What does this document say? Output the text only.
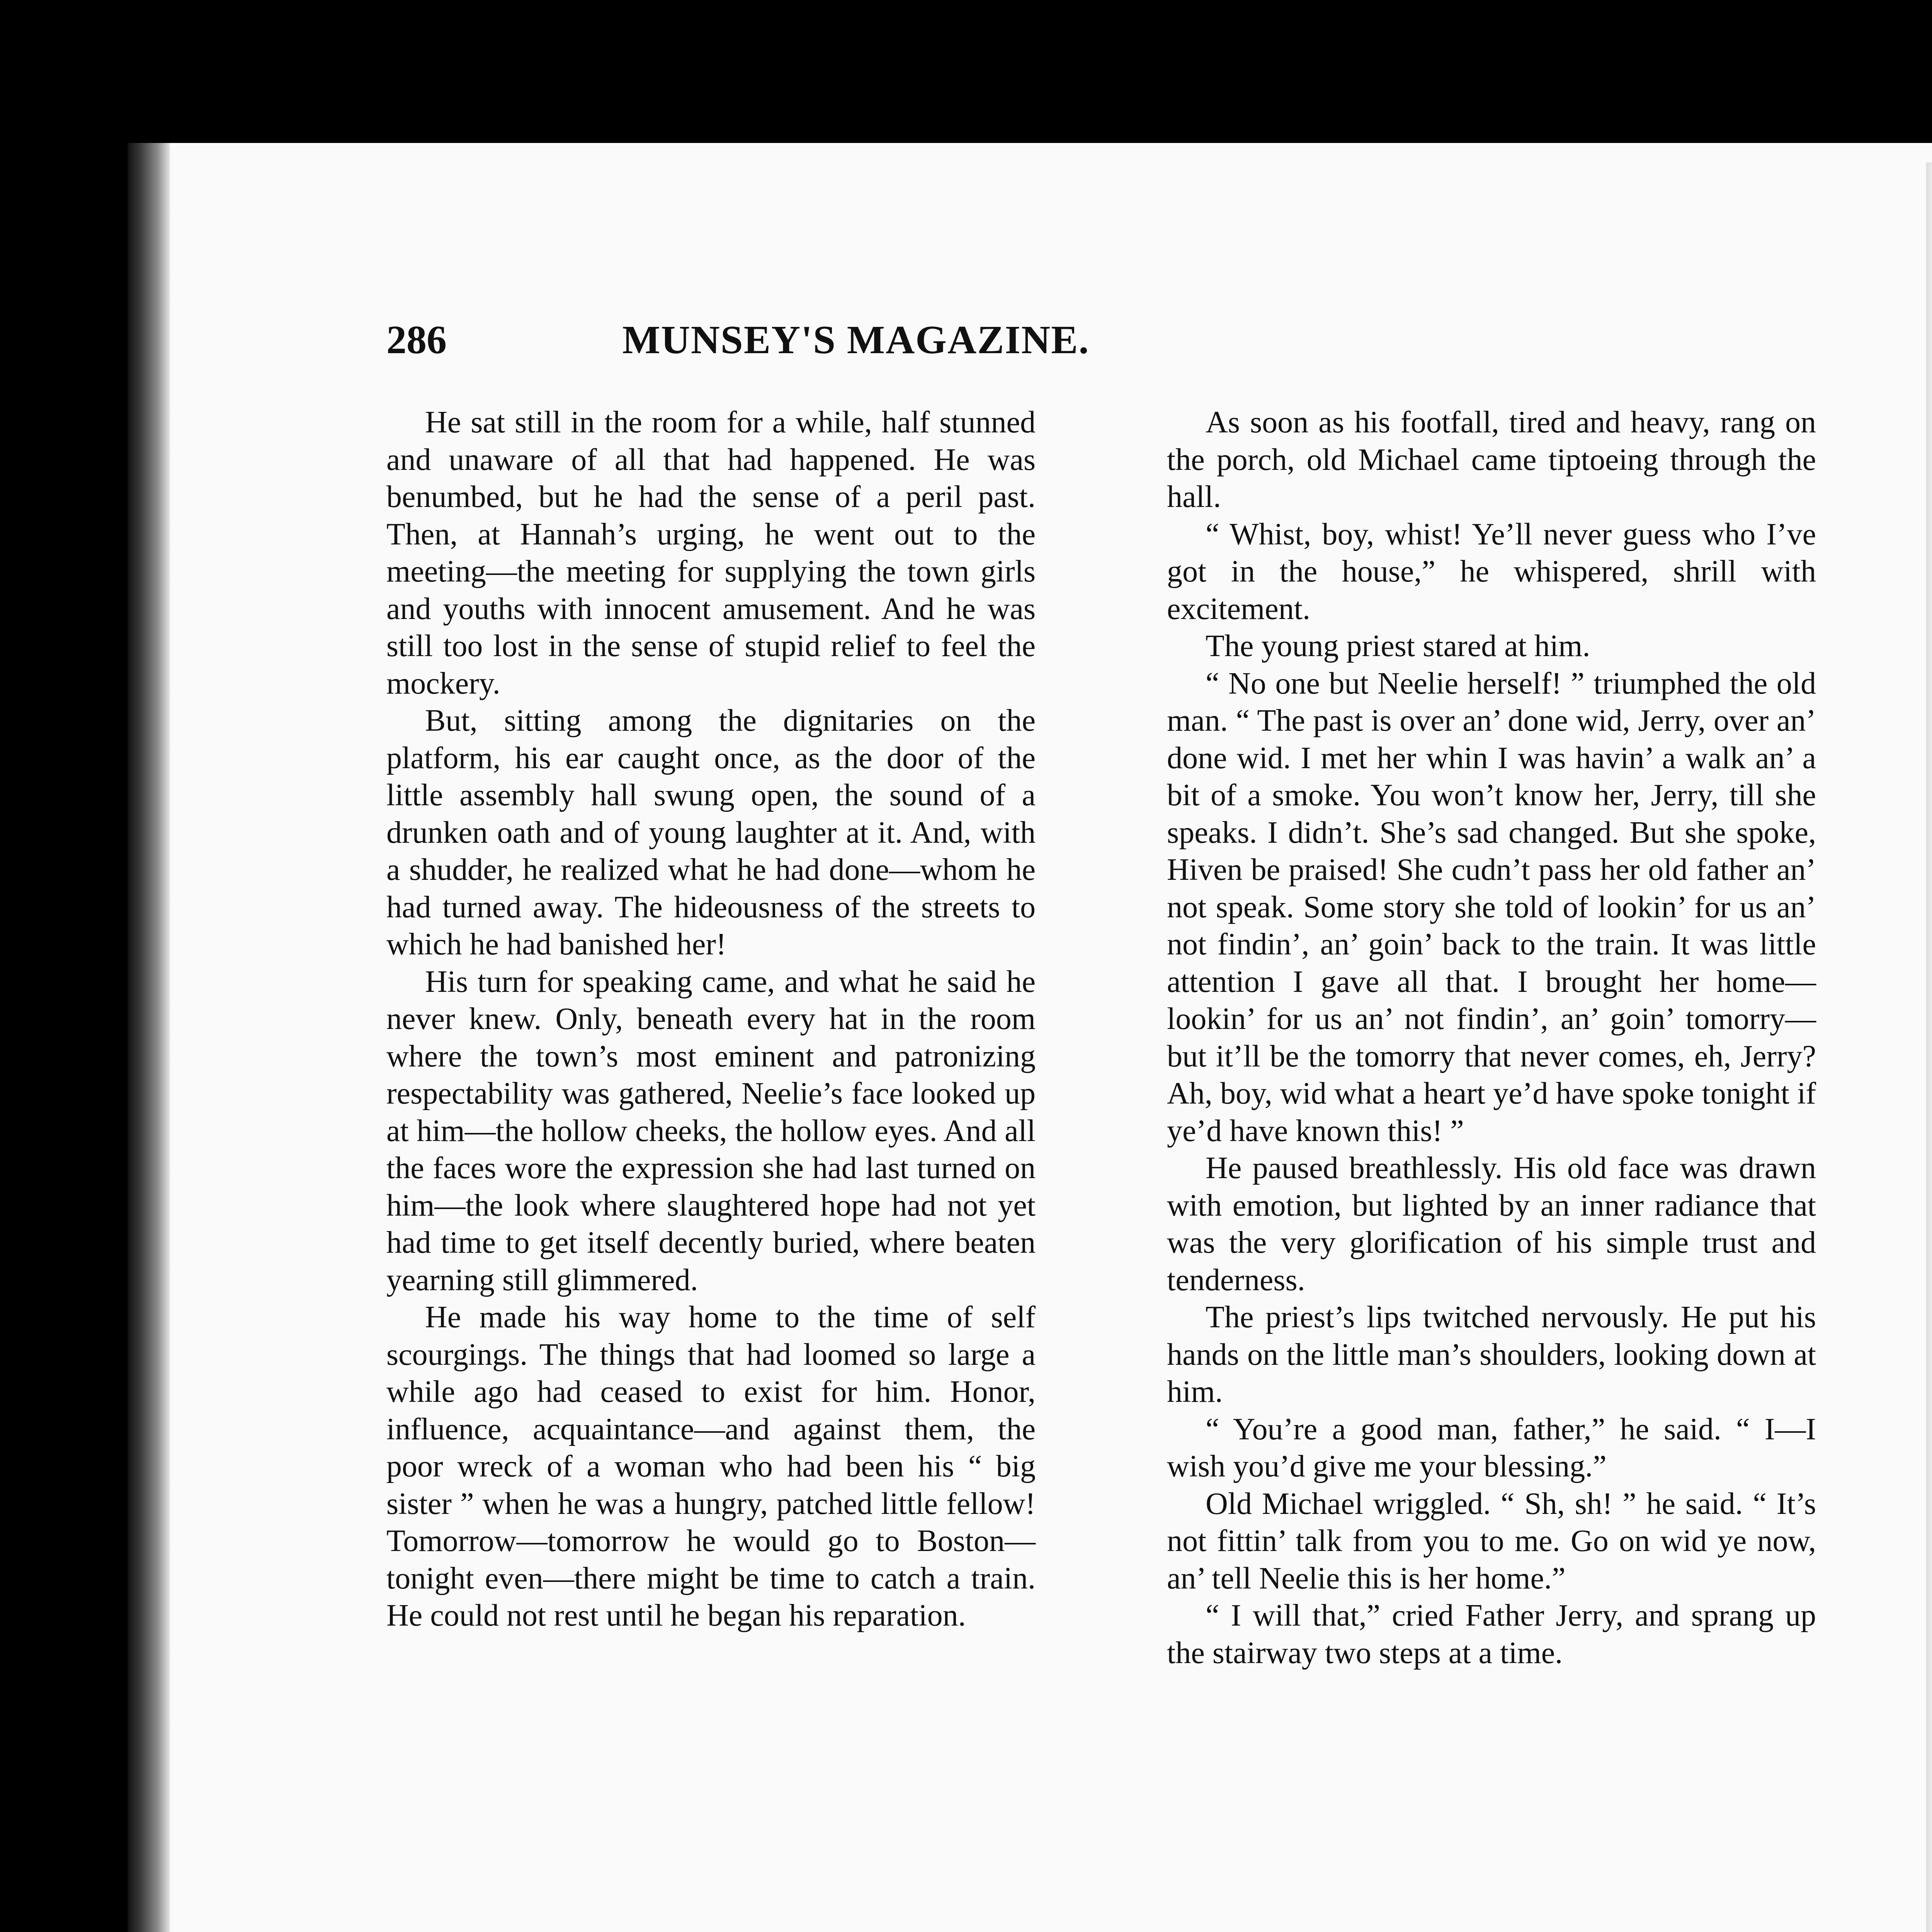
286	MUNSEY'S MAGAZINE.

He sat still in the room for a while, half stunned and unaware of all that had happened. He was benumbed, but he had the sense of a peril past. Then, at Hannah’s urging, he went out to the meeting—the meeting for supplying the town girls and youths with innocent amusement. And he was still too lost in the sense of stupid relief to feel the mockery.

But, sitting among the dignitaries on the platform, his ear caught once, as the door of the little assembly hall swung open, the sound of a drunken oath and of young laughter at it. And, with a shudder, he realized what he had done—whom he had turned away. The hideousness of the streets to which he had banished her!

His turn for speaking came, and what he said he never knew. Only, beneath every hat in the room where the town’s most eminent and patronizing respectability was gathered, Neelie’s face looked up at him—the hollow cheeks, the hollow eyes. And all the faces wore the expression she had last turned on him—the look where slaughtered hope had not yet had time to get itself decently buried, where beaten yearning still glimmered.

He made his way home to the time of self scourgings. The things that had loomed so large a while ago had ceased to exist for him. Honor, influence, acquaintance—and against them, the poor wreck of a woman who had been his “ big sister ” when he was a hungry, patched little fellow! Tomorrow—tomorrow he would go to Boston—tonight even—there might be time to catch a train. He could not rest until he began his reparation.

As soon as his footfall, tired and heavy, rang on the porch, old Michael came tiptoeing through the hall.

“ Whist, boy, whist! Ye’ll never guess who I’ve got in the house,” he whispered, shrill with excitement.

The young priest stared at him.

“ No one but Neelie herself! ” triumphed the old man. “ The past is over an’ done wid, Jerry, over an’ done wid. I met her whin I was havin’ a walk an’ a bit of a smoke. You won’t know her, Jerry, till she speaks. I didn’t. She’s sad changed. But she spoke, Hiven be praised! She cudn’t pass her old father an’ not speak. Some story she told of lookin’ for us an’ not findin’, an’ goin’ back to the train. It was little attention I gave all that. I brought her home—lookin’ for us an’ not findin’, an’ goin’ tomorry—but it’ll be the tomorry that never comes, eh, Jerry? Ah, boy, wid what a heart ye’d have spoke tonight if ye’d have known this! ”

He paused breathlessly. His old face was drawn with emotion, but lighted by an inner radiance that was the very glorification of his simple trust and tenderness.

The priest’s lips twitched nervously. He put his hands on the little man’s shoulders, looking down at him.

“ You’re a good man, father,” he said. “ I—I wish you’d give me your blessing.”

Old Michael wriggled. “ Sh, sh! ” he said. “ It’s not fittin’ talk from you to me. Go on wid ye now, an’ tell Neelie this is her home.”

“ I will that,” cried Father Jerry, and sprang up the stairway two steps at a time.
